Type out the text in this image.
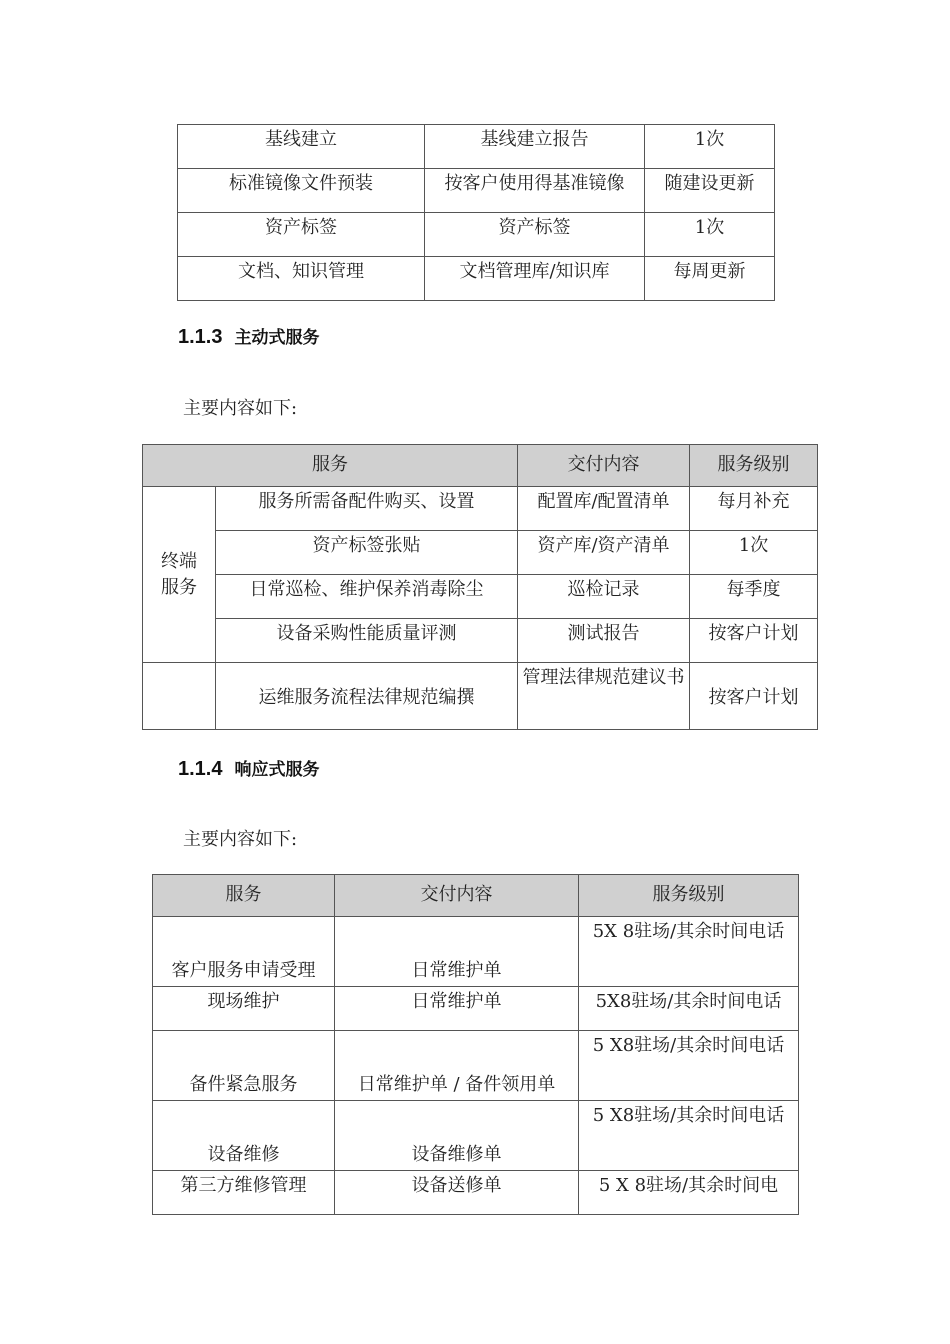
基线建立	基线建立报告	1次
标准镜像文件预装	按客户使用得基准镜像	随建设更新
资产标签	资产标签	1次
文档、知识管理	文档管理库/知识库	每周更新
1.1.3 主动式服务
主要内容如下:
服务		交付内容	服务级别

终端服务	服务所需备配件购买、设置	配置库/配置清单	每月补充
	资产标签张贴	资产库/资产清单	1次
	日常巡检、维护保养消毒除尘	巡检记录	每季度
	设备采购性能质量评测	测试报告	按客户计划
	运维服务流程法律规范编撰	管理法律规范建议书	按客户计划
1.1.4 响应式服务
主要内容如下:
服务	交付内容	服务级别
客户服务申请受理	日常维护单	5X 8驻场/其余时间电话
现场维护	日常维护单	5X8驻场/其余时间电话
备件紧急服务	日常维护单 / 备件领用单	5 X8驻场/其余时间电话
设备维修	设备维修单	5 X8驻场/其余时间电话
第三方维修管理	设备送修单	5 X 8驻场/其余时间电
